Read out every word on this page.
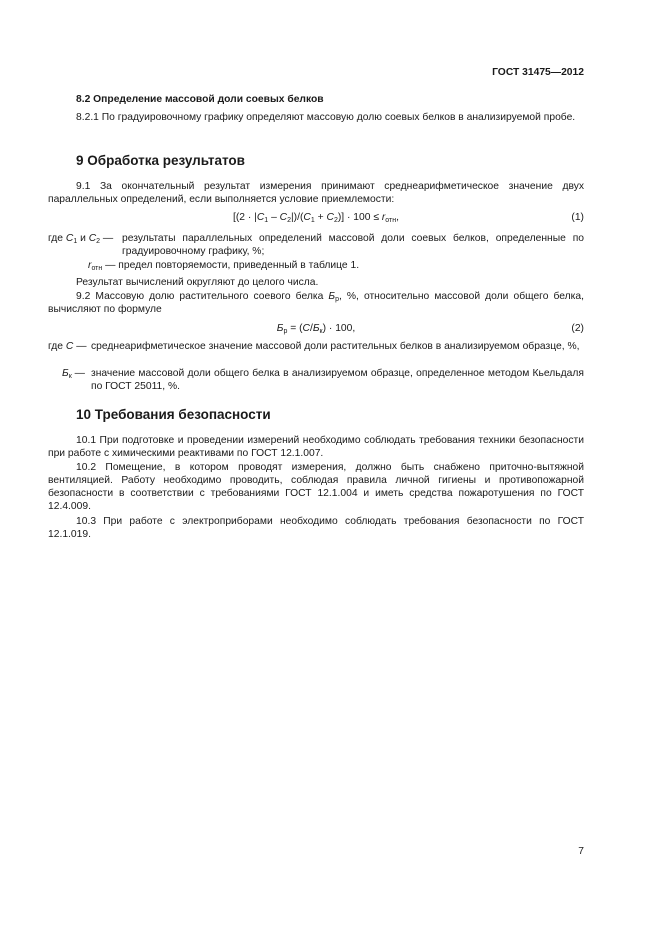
ГОСТ 31475—2012
8.2 Определение массовой доли соевых белков
8.2.1 По градуировочному графику определяют массовую долю соевых белков в анализируемой пробе.
9 Обработка результатов
9.1 За окончательный результат измерения принимают среднеарифметическое значение двух параллельных определений, если выполняется условие приемлемости:
$[(2 \cdot |C_1 - C_2|)/(C_1 + C_2)] \cdot 100 \le r_{отн}$,	(1)
где $C_1$ и $C_2$ — результаты параллельных определений массовой доли соевых белков, определенные по градуировочному графику, %;
$r_{отн}$ — предел повторяемости, приведенный в таблице 1.
Результат вычислений округляют до целого числа.
9.2 Массовую долю растительного соевого белка $Б_р$, %, относительно массовой доли общего белка, вычисляют по формуле
$Б_р = (C/Б_к) \cdot 100$,	(2)
где C — среднеарифметическое значение массовой доли растительных белков в анализируемом образце, %,
$Б_к$ — значение массовой доли общего белка в анализируемом образце, определенное методом Кьельдаля по ГОСТ 25011, %.
10 Требования безопасности
10.1 При подготовке и проведении измерений необходимо соблюдать требования техники безопасности при работе с химическими реактивами по ГОСТ 12.1.007.
10.2 Помещение, в котором проводят измерения, должно быть снабжено приточно-вытяжной вентиляцией. Работу необходимо проводить, соблюдая правила личной гигиены и противопожарной безопасности в соответствии с требованиями ГОСТ 12.1.004 и иметь средства пожаротушения по ГОСТ 12.4.009.
10.3 При работе с электроприборами необходимо соблюдать требования безопасности по ГОСТ 12.1.019.
7
